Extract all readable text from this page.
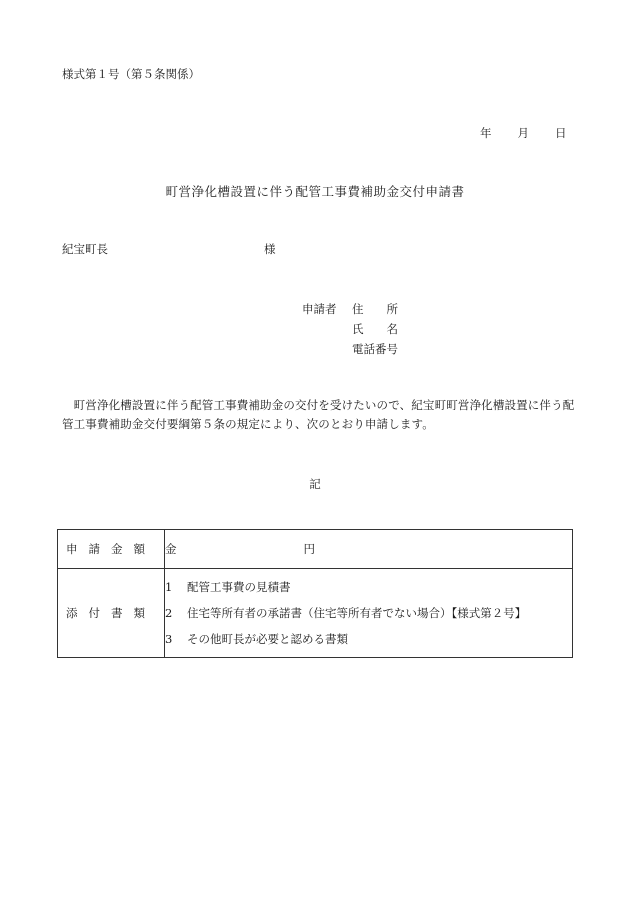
様式第１号（第５条関係）
年 月 日
町営浄化槽設置に伴う配管工事費補助金交付申請書
紀宝町長	様
申請者 住　　所
氏　　名
電話番号
　町営浄化槽設置に伴う配管工事費補助金の交付を受けたいので、紀宝町町営浄化槽設置に伴う配管工事費補助金交付要綱第５条の規定により、次のとおり申請します。
記
申請金額	金 円
添付書類	1 配管工事費の見積書
2 住宅等所有者の承諾書（住宅等所有者でない場合）【様式第２号】
3 その他町長が必要と認める書類
